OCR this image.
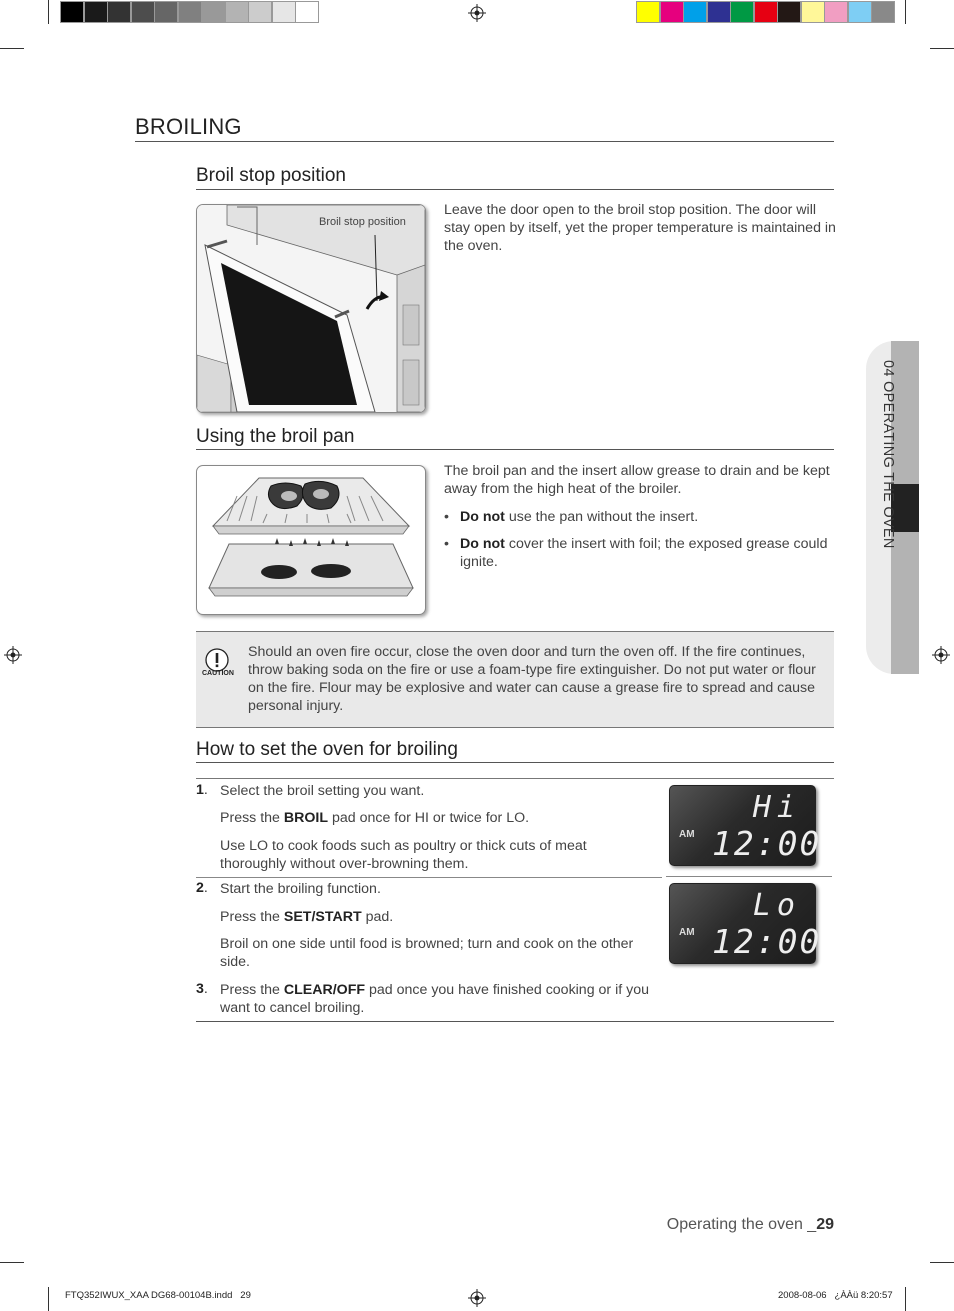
BROILING
04 OPERATING THE OVEN
Broil stop position
Broil stop position
Leave the door open to the broil stop position. The door will stay open by itself, yet the proper temperature is maintained in the oven.
Using the broil pan
The broil pan and the insert allow grease to drain and be kept away from the high heat of the broiler.
• Do not use the pan without the insert.
• Do not cover the insert with foil; the exposed grease could ignite.
CAUTION
Should an oven fire occur, close the oven door and turn the oven off. If the fire continues, throw baking soda on the fire or use a foam-type fire extinguisher. Do not put water or flour on the fire. Flour may be explosive and water can cause a grease fire to spread and cause personal injury.
How to set the oven for broiling
1. Select the broil setting you want.
Press the BROIL pad once for HI or twice for LO.
Use LO to cook foods such as poultry or thick cuts of meat thoroughly without over-browning them.
2. Start the broiling function.
Press the SET/START pad.
Broil on one side until food is browned; turn and cook on the other side.
3. Press the CLEAR/OFF pad once you have finished cooking or if you want to cancel broiling.
Hi
AM 12:00
Lo
AM 12:00
Operating the oven _29
FTQ352IWUX_XAA DG68-00104B.indd   29	2008-08-06   ¿ÀÀü 8:20:57
